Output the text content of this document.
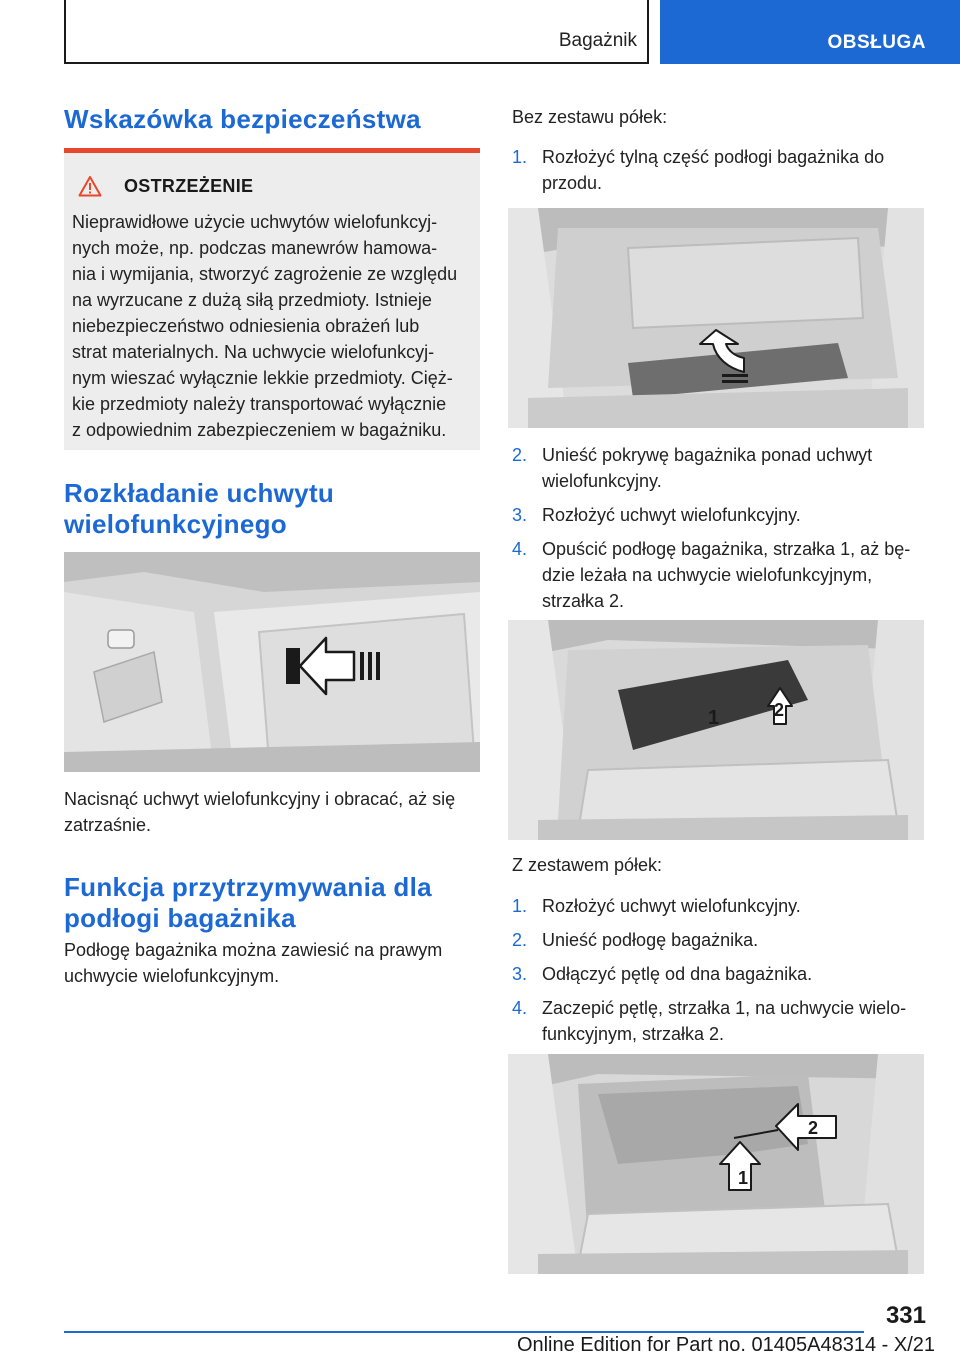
Bagażnik	OBSŁUGA
Wskazówka bezpieczeństwa
OSTRZEŻENIE
Nieprawidłowe użycie uchwytów wielofunkcyj-
nych może, np. podczas manewrów hamowa-
nia i wymijania, stworzyć zagrożenie ze względu
na wyrzucane z dużą siłą przedmioty. Istnieje
niebezpieczeństwo odniesienia obrażeń lub
strat materialnych. Na uchwycie wielofunkcyj-
nym wieszać wyłącznie lekkie przedmioty. Cięż-
kie przedmioty należy transportować wyłącznie
z odpowiednim zabezpieczeniem w bagażniku.
Rozkładanie uchwytu
wielofunkcyjnego
Nacisnąć uchwyt wielofunkcyjny i obracać, aż się
zatrzaśnie.
Funkcja przytrzymywania dla
podłogi bagażnika
Podłogę bagażnika można zawiesić na prawym
uchwycie wielofunkcyjnym.
Bez zestawu półek:
1. Rozłożyć tylną część podłogi bagażnika do
przodu.
2. Unieść pokrywę bagażnika ponad uchwyt
wielofunkcyjny.
3. Rozłożyć uchwyt wielofunkcyjny.
4. Opuścić podłogę bagażnika, strzałka 1, aż bę-
dzie leżała na uchwycie wielofunkcyjnym,
strzałka 2.
1	2
Z zestawem półek:
1. Rozłożyć uchwyt wielofunkcyjny.
2. Unieść podłogę bagażnika.
3. Odłączyć pętlę od dna bagażnika.
4. Zaczepić pętlę, strzałka 1, na uchwycie wielo-
funkcyjnym, strzałka 2.
1
2
331
Online Edition for Part no. 01405A48314 - X/21
